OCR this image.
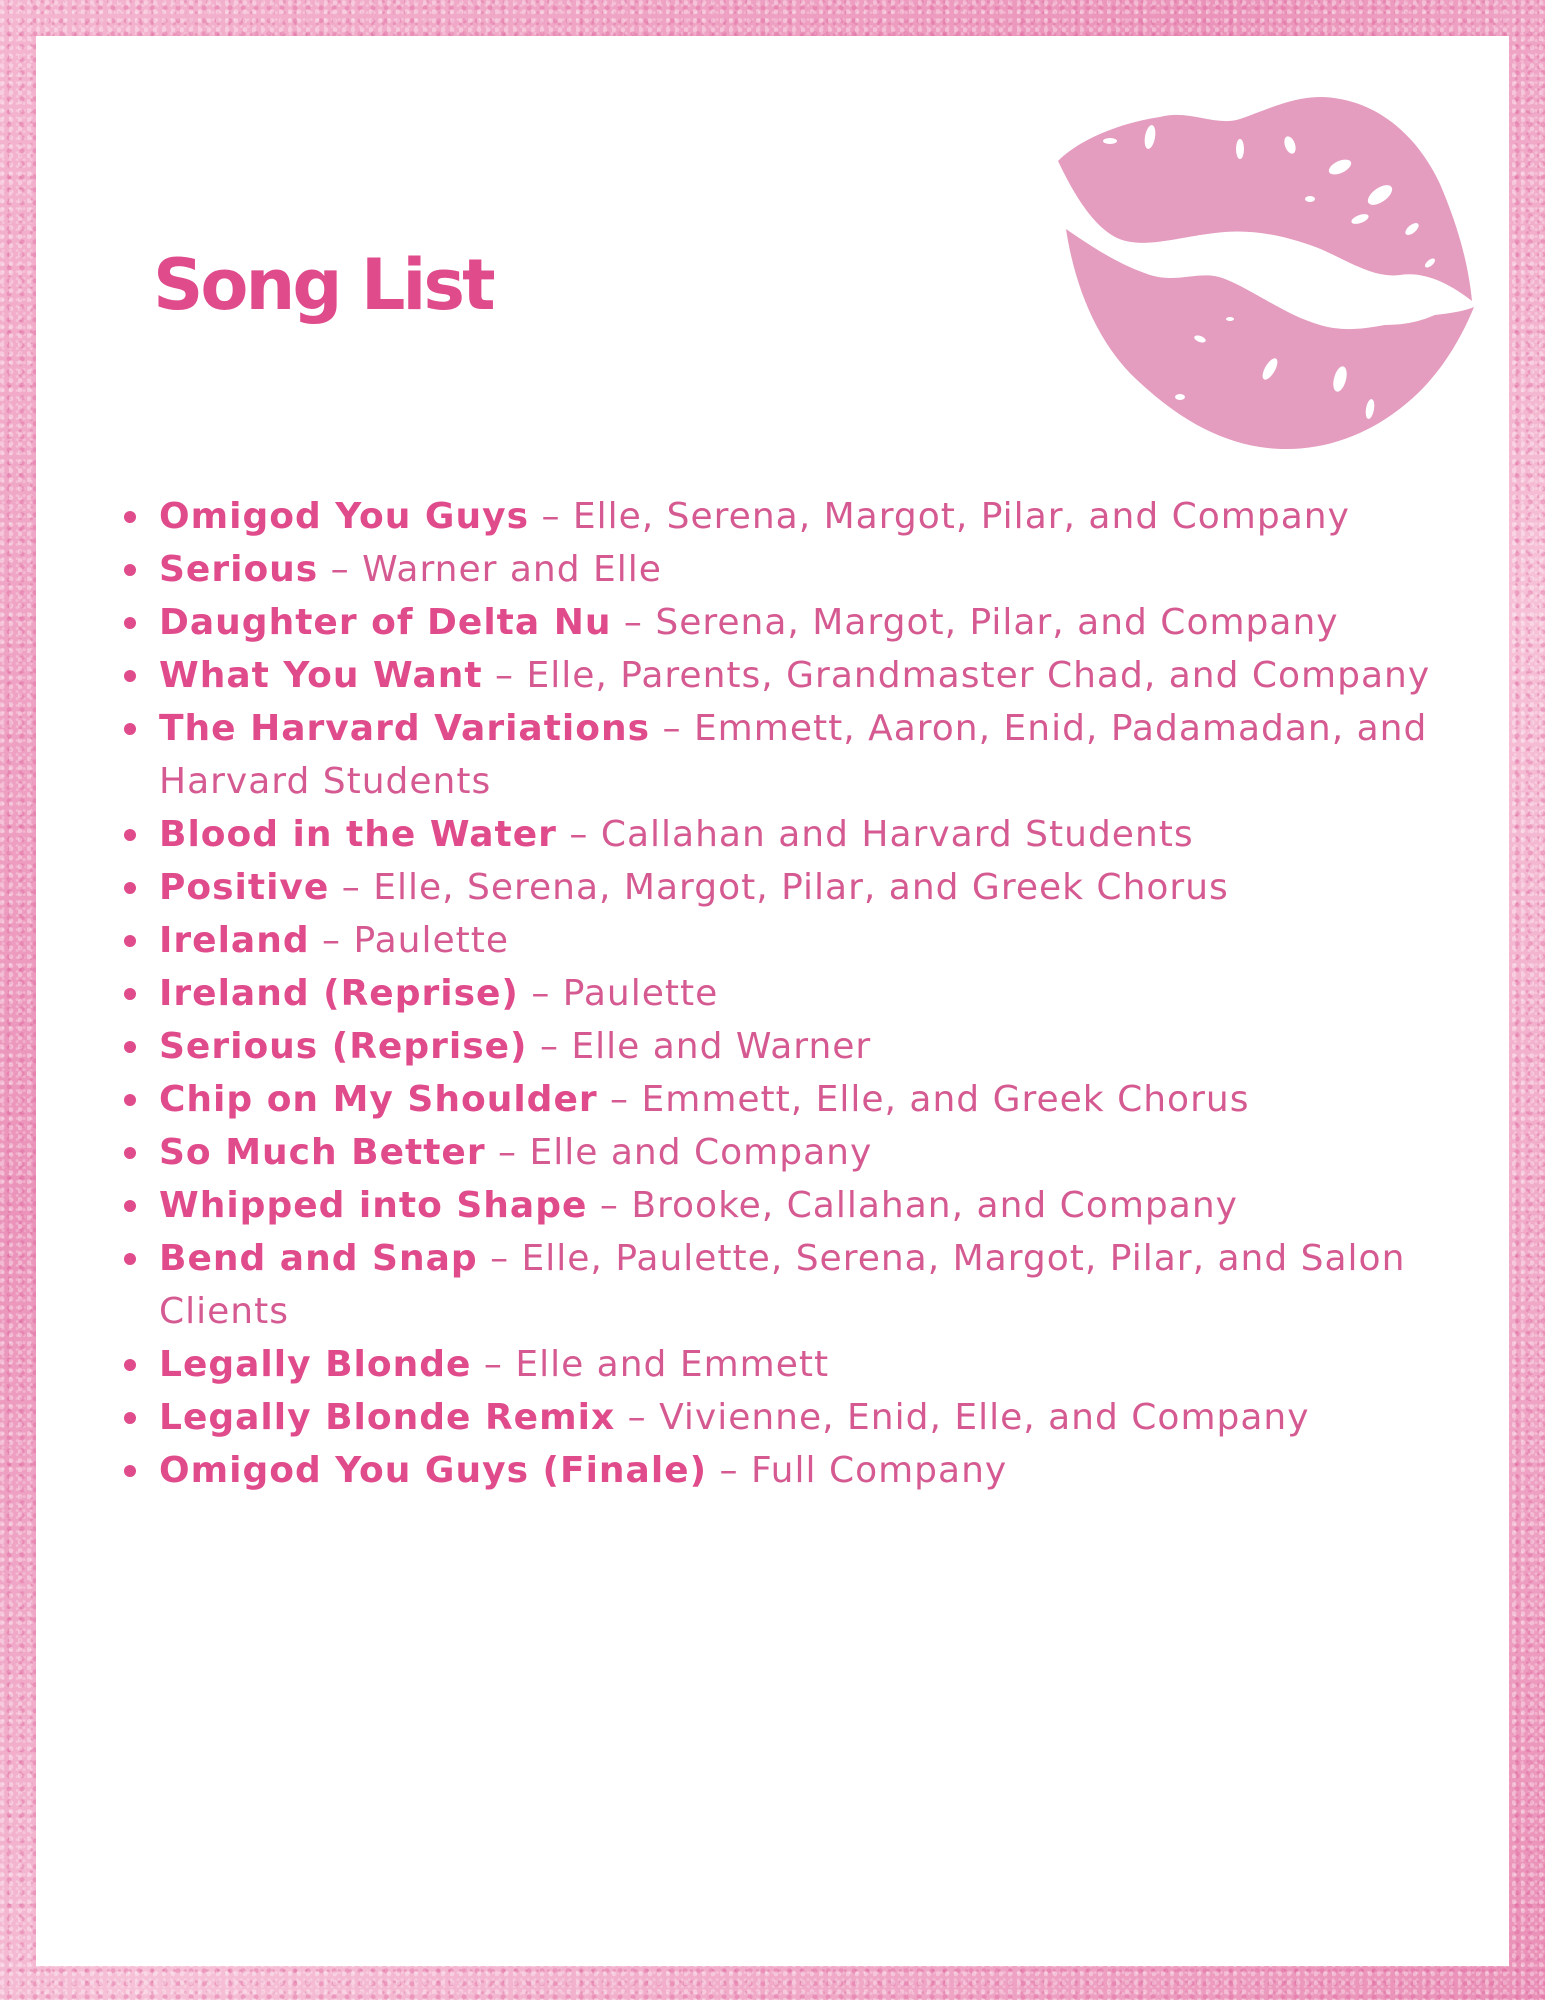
Song List
Omigod You Guys – Elle, Serena, Margot, Pilar, and Company
Serious – Warner and Elle
Daughter of Delta Nu – Serena, Margot, Pilar, and Company
What You Want – Elle, Parents, Grandmaster Chad, and Company
The Harvard Variations – Emmett, Aaron, Enid, Padamadan, and Harvard Students
Blood in the Water – Callahan and Harvard Students
Positive – Elle, Serena, Margot, Pilar, and Greek Chorus
Ireland – Paulette
Ireland (Reprise) – Paulette
Serious (Reprise) – Elle and Warner
Chip on My Shoulder – Emmett, Elle, and Greek Chorus
So Much Better – Elle and Company
Whipped into Shape – Brooke, Callahan, and Company
Bend and Snap – Elle, Paulette, Serena, Margot, Pilar, and Salon Clients
Legally Blonde – Elle and Emmett
Legally Blonde Remix – Vivienne, Enid, Elle, and Company
Omigod You Guys (Finale) – Full Company
